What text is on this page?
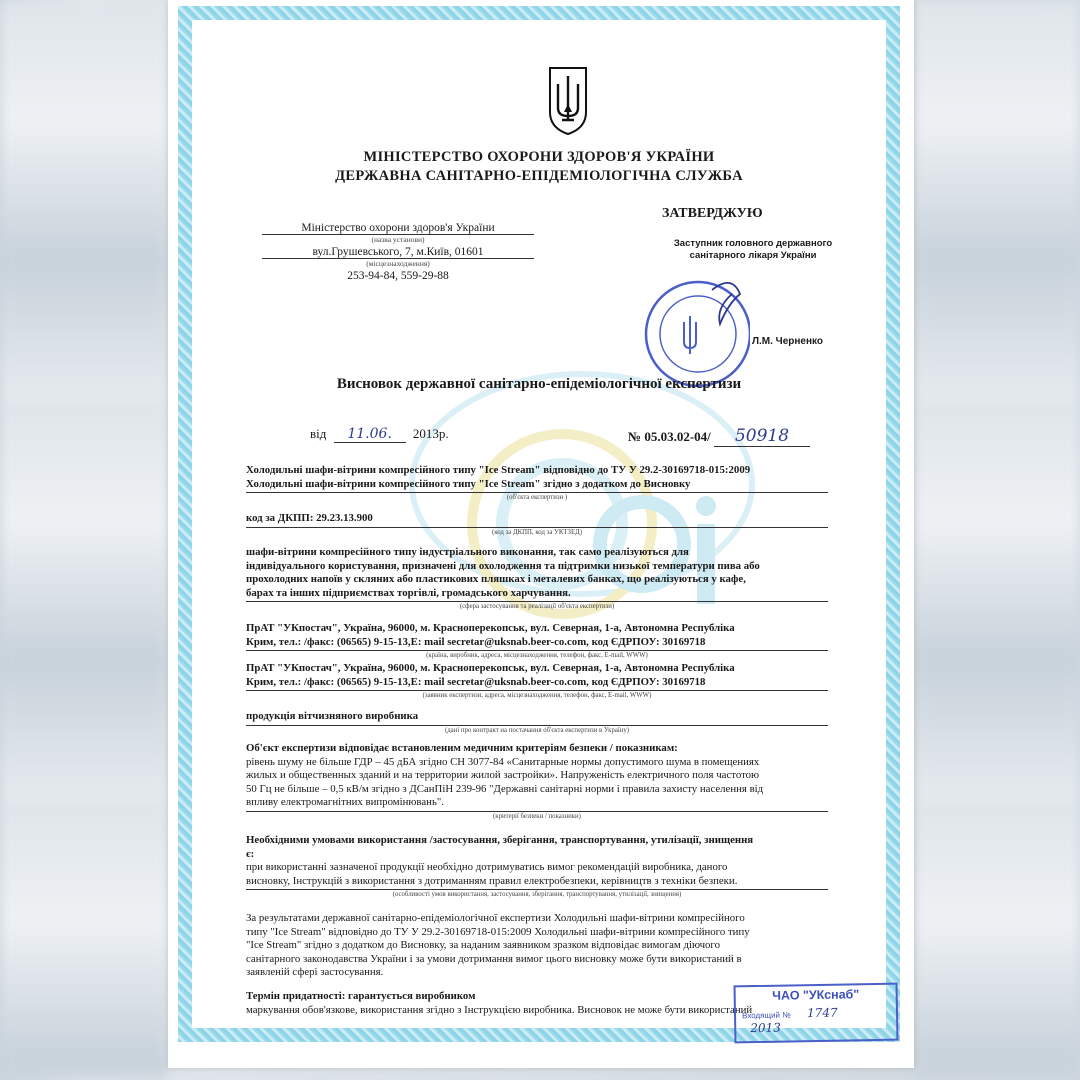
МІНІСТЕРСТВО ОХОРОНИ ЗДОРОВ'Я УКРАЇНИ
ДЕРЖАВНА САНІТАРНО-ЕПІДЕМІОЛОГІЧНА СЛУЖБА
Міністерство охорони здоров'я України
(назва установи)
вул.Грушевського, 7, м.Київ, 01601
(місцезнаходження)
253-94-84, 559-29-88
ЗАТВЕРДЖУЮ
Заступник головного державного
санітарного лікаря України
Л.М. Черненко
Висновок державної санітарно-епідеміологічної експертизи
від 11.06. 2013р.	№ 05.03.02-04/ 50918
Холодильні шафи-вітрини компресійного типу "Ice Stream" відповідно до ТУ У 29.2-30169718-015:2009
Холодильні шафи-вітрини компресійного типу "Ice Stream" згідно з додатком до Висновку
(об'єкта експертизи )
код за ДКПП: 29.23.13.900
(код за ДКПП, код за УКТЗЕД)
шафи-вітрини компресійного типу індустріального виконання, так само реалізуються для
індивідуального користування, призначені для охолодження та підтримки низької температури пива або
прохолодних напоїв у скляних або пластикових пляшках і металевих банках, що реалізуються у кафе,
барах та інших підприємствах торгівлі, громадського харчування.
(сфера застосування та реалізації об'єкта експертизи)
ПрАТ "УКпостач", Україна, 96000, м. Красноперекопськ, вул. Северная, 1-а, Автономна Республіка
Крим, тел.: /факс: (06565) 9-15-13,E: mail secretar@uksnab.beer-co.com, код ЄДРПОУ: 30169718
(країна, виробник, адреса, місцезнаходження, телефон, факс, E-mail, WWW)
ПрАТ "УКпостач", Україна, 96000, м. Красноперекопськ, вул. Северная, 1-а, Автономна Республіка
Крим, тел.: /факс: (06565) 9-15-13,E: mail secretar@uksnab.beer-co.com, код ЄДРПОУ: 30169718
(заявник експертизи, адреса, місцезнаходження, телефон, факс, E-mail, WWW)
продукція вітчизняного виробника
(дані про контракт на постачання об'єкта експертизи в Україну)
Об'єкт експертизи відповідає встановленим медичним критеріям безпеки / показникам:
рівень шуму не більше ГДР – 45 дБА згідно СН 3077-84 «Санитарные нормы допустимого шума в помещениях
жилых и общественных зданий и на территории жилой застройки». Напруженість електричного поля частотою
50 Гц не більше – 0,5 кВ/м згідно з ДСанПіН 239-96 "Державні санітарні норми і правила захисту населення від
впливу електромагнітних випромінювань".
(критерії безпеки / показники)
Необхідними умовами використання /застосування, зберігання, транспортування, утилізації, знищення
є:
при використанні зазначеної продукції необхідно дотримуватись вимог рекомендацій виробника, даного
висновку, Інструкцій з використання з дотриманням правил електробезпеки, керівництв з техніки безпеки.
(особливості умов використання, застосування, зберігання, транспортування, утилізації, знищення)
За результатами державної санітарно-епідеміологічної експертизи Холодильні шафи-вітрини компресійного
типу "Ice Stream" відповідно до ТУ У 29.2-30169718-015:2009 Холодильні шафи-вітрини компресійного типу
"Ice Stream" згідно з додатком до Висновку, за наданим заявником зразком відповідає вимогам діючого
санітарного законодавства України і за умови дотримання вимог цього висновку може бути використаний в
заявленій сфері застосування.
Термін придатності: гарантується виробником
маркування обов'язкове, використання згідно з Інструкцією виробника. Висновок не може бути використаний
ЧАО "УКснаб"
Входящий № 1747
2013
